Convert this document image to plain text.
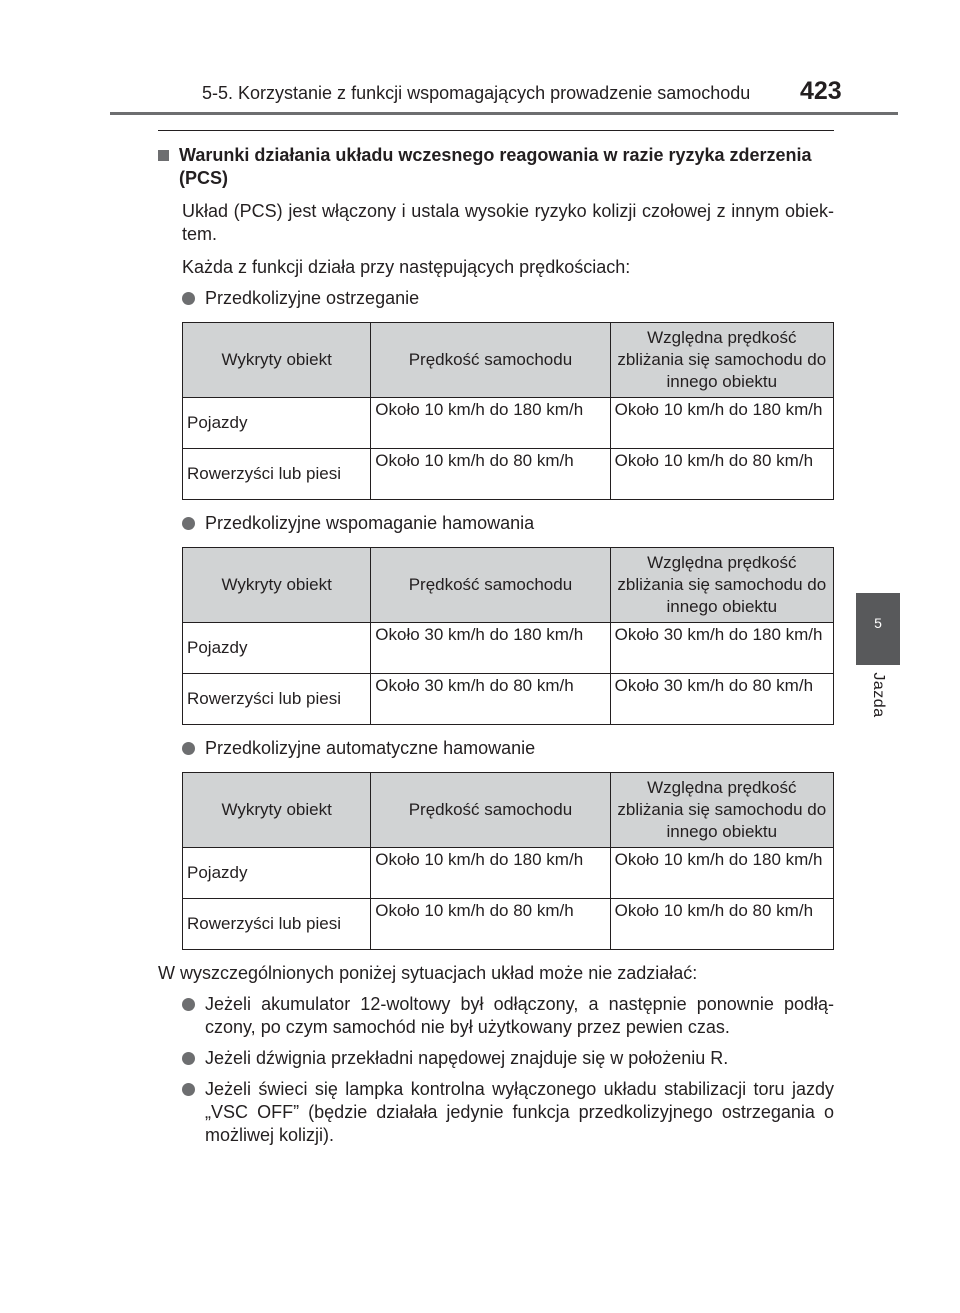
5-5. Korzystanie z funkcji wspomagających prowadzenie samochodu 423
5
Jazda
Warunki działania układu wczesnego reagowania w razie ryzyka zderzenia (PCS)
Układ (PCS) jest włączony i ustala wysokie ryzyko kolizji czołowej z innym obiek-tem.
Każda z funkcji działa przy następujących prędkościach:
Przedkolizyjne ostrzeganie
Wykryty obiekt	Prędkość samochodu	Względna prędkość zbliżania się samochodu do innego obiektu
Pojazdy	Około 10 km/h do 180 km/h	Około 10 km/h do 180 km/h
Rowerzyści lub piesi	Około 10 km/h do 80 km/h	Około 10 km/h do 80 km/h
Przedkolizyjne wspomaganie hamowania
Wykryty obiekt	Prędkość samochodu	Względna prędkość zbliżania się samochodu do innego obiektu
Pojazdy	Około 30 km/h do 180 km/h	Około 30 km/h do 180 km/h
Rowerzyści lub piesi	Około 30 km/h do 80 km/h	Około 30 km/h do 80 km/h
Przedkolizyjne automatyczne hamowanie
Wykryty obiekt	Prędkość samochodu	Względna prędkość zbliżania się samochodu do innego obiektu
Pojazdy	Około 10 km/h do 180 km/h	Około 10 km/h do 180 km/h
Rowerzyści lub piesi	Około 10 km/h do 80 km/h	Około 10 km/h do 80 km/h
W wyszczególnionych poniżej sytuacjach układ może nie zadziałać:
Jeżeli akumulator 12-woltowy był odłączony, a następnie ponownie podłą-czony, po czym samochód nie był użytkowany przez pewien czas.
Jeżeli dźwignia przekładni napędowej znajduje się w położeniu R.
Jeżeli świeci się lampka kontrolna wyłączonego układu stabilizacji toru jazdy „VSC OFF” (będzie działała jedynie funkcja przedkolizyjnego ostrzegania o możliwej kolizji).
